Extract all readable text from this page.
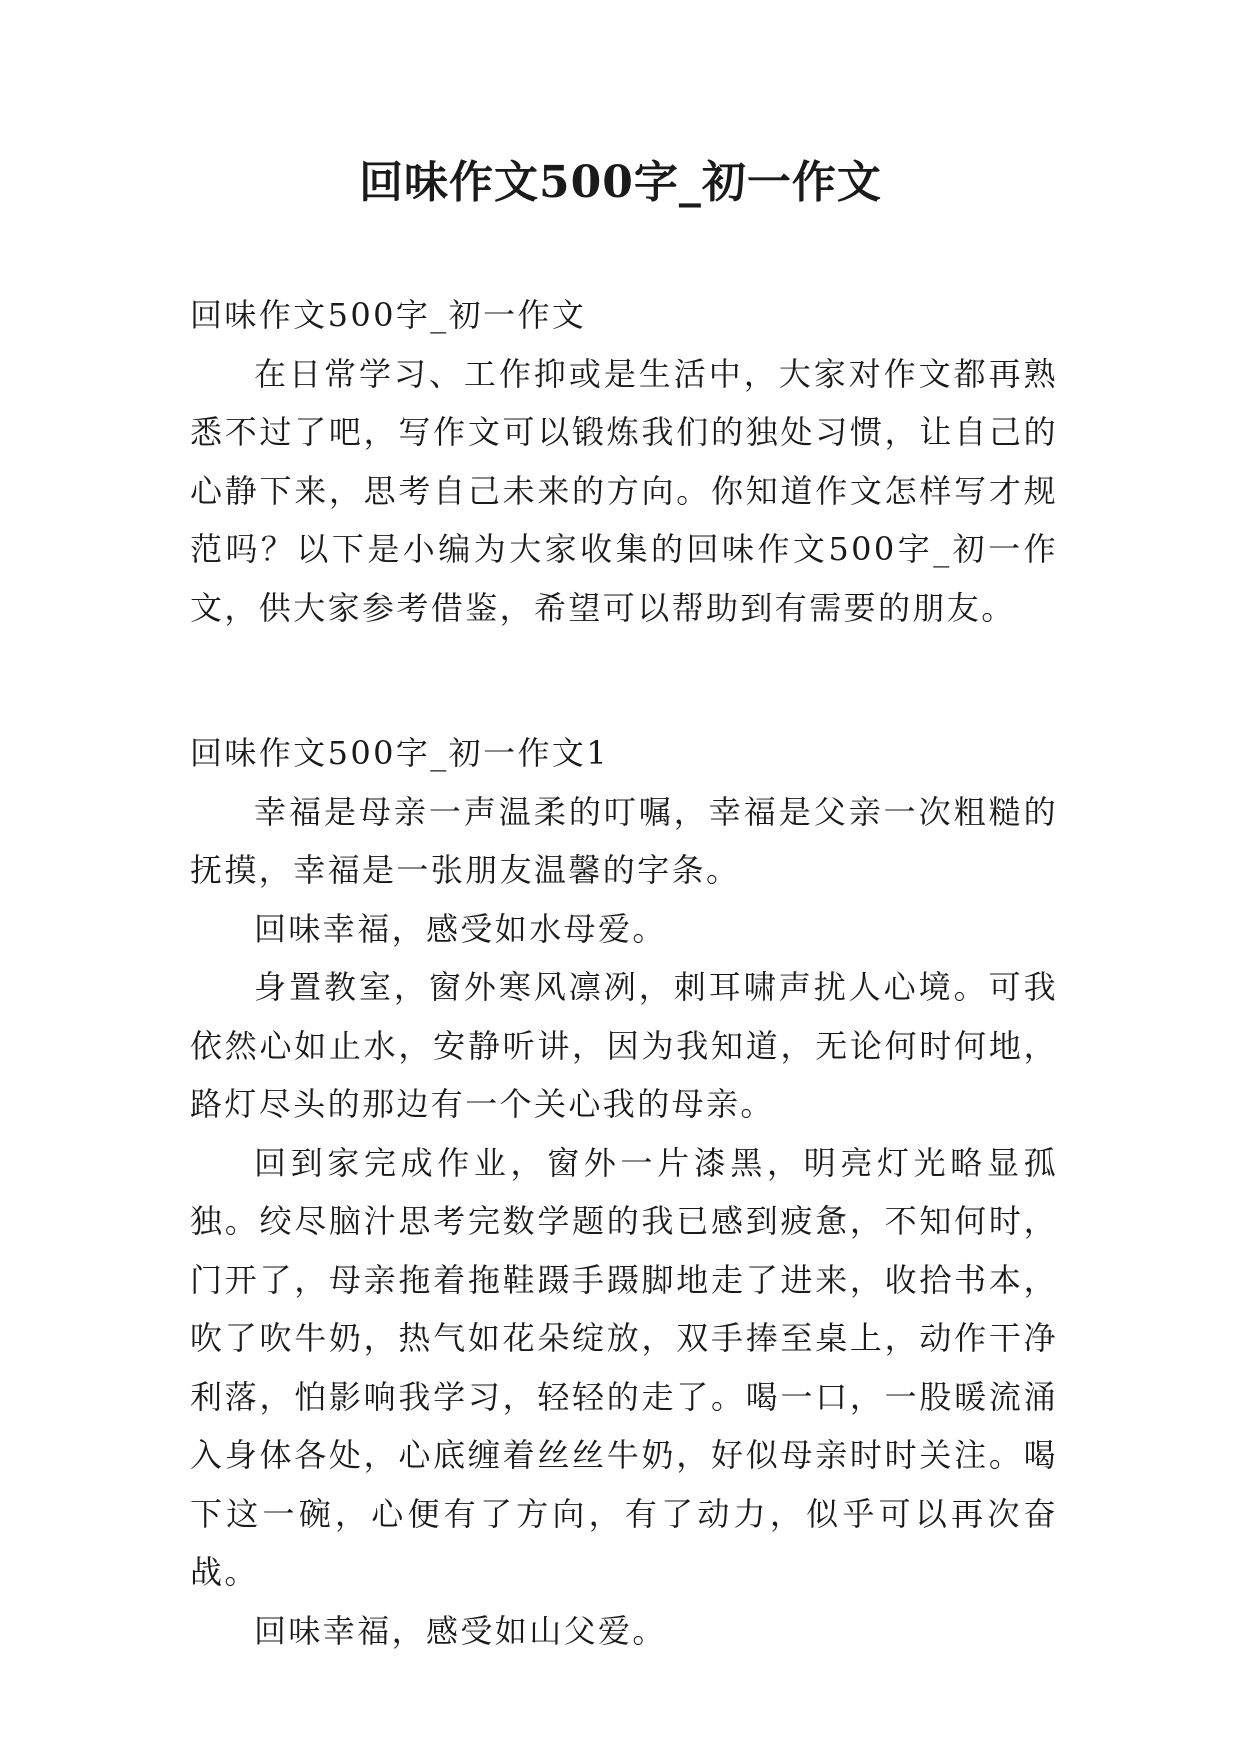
回味作文500字_初一作文

回味作文500字_初一作文

在日常学习、工作抑或是生活中，大家对作文都再熟悉不过了吧，写作文可以锻炼我们的独处习惯，让自己的心静下来，思考自己未来的方向。你知道作文怎样写才规范吗？以下是小编为大家收集的回味作文500字_初一作文，供大家参考借鉴，希望可以帮助到有需要的朋友。

回味作文500字_初一作文1

幸福是母亲一声温柔的叮嘱，幸福是父亲一次粗糙的抚摸，幸福是一张朋友温馨的字条。

回味幸福，感受如水母爱。

身置教室，窗外寒风凛冽，刺耳啸声扰人心境。可我依然心如止水，安静听讲，因为我知道，无论何时何地，路灯尽头的那边有一个关心我的母亲。

回到家完成作业，窗外一片漆黑，明亮灯光略显孤独。绞尽脑汁思考完数学题的我已感到疲惫，不知何时，门开了，母亲拖着拖鞋蹑手蹑脚地走了进来，收拾书本，吹了吹牛奶，热气如花朵绽放，双手捧至桌上，动作干净利落，怕影响我学习，轻轻的走了。喝一口，一股暖流涌入身体各处，心底缠着丝丝牛奶，好似母亲时时关注。喝下这一碗，心便有了方向，有了动力，似乎可以再次奋战。

回味幸福，感受如山父爱。
